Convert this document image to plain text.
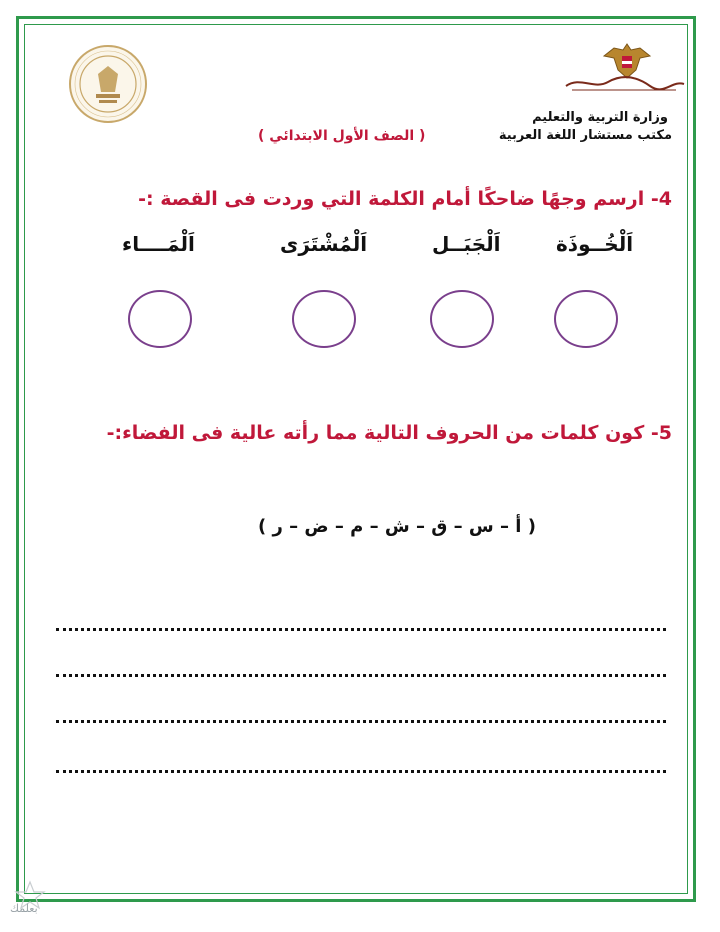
وزارة التربية والتعليم
مكتب مستشار اللغة العربية
( الصف الأول الابتدائي )
4- ارسم وجهًا ضاحكًا أمام الكلمة التي وردت فى القصة :-
اَلْخُــوذَة
اَلْجَبَــل
اَلْمُشْتَرَى
اَلْمَــــاء
5- كون كلمات من الحروف التالية مما رأته عالية فى الفضاء:-
( أ – س – ق – ش – م – ض – ر )
بعلمك
